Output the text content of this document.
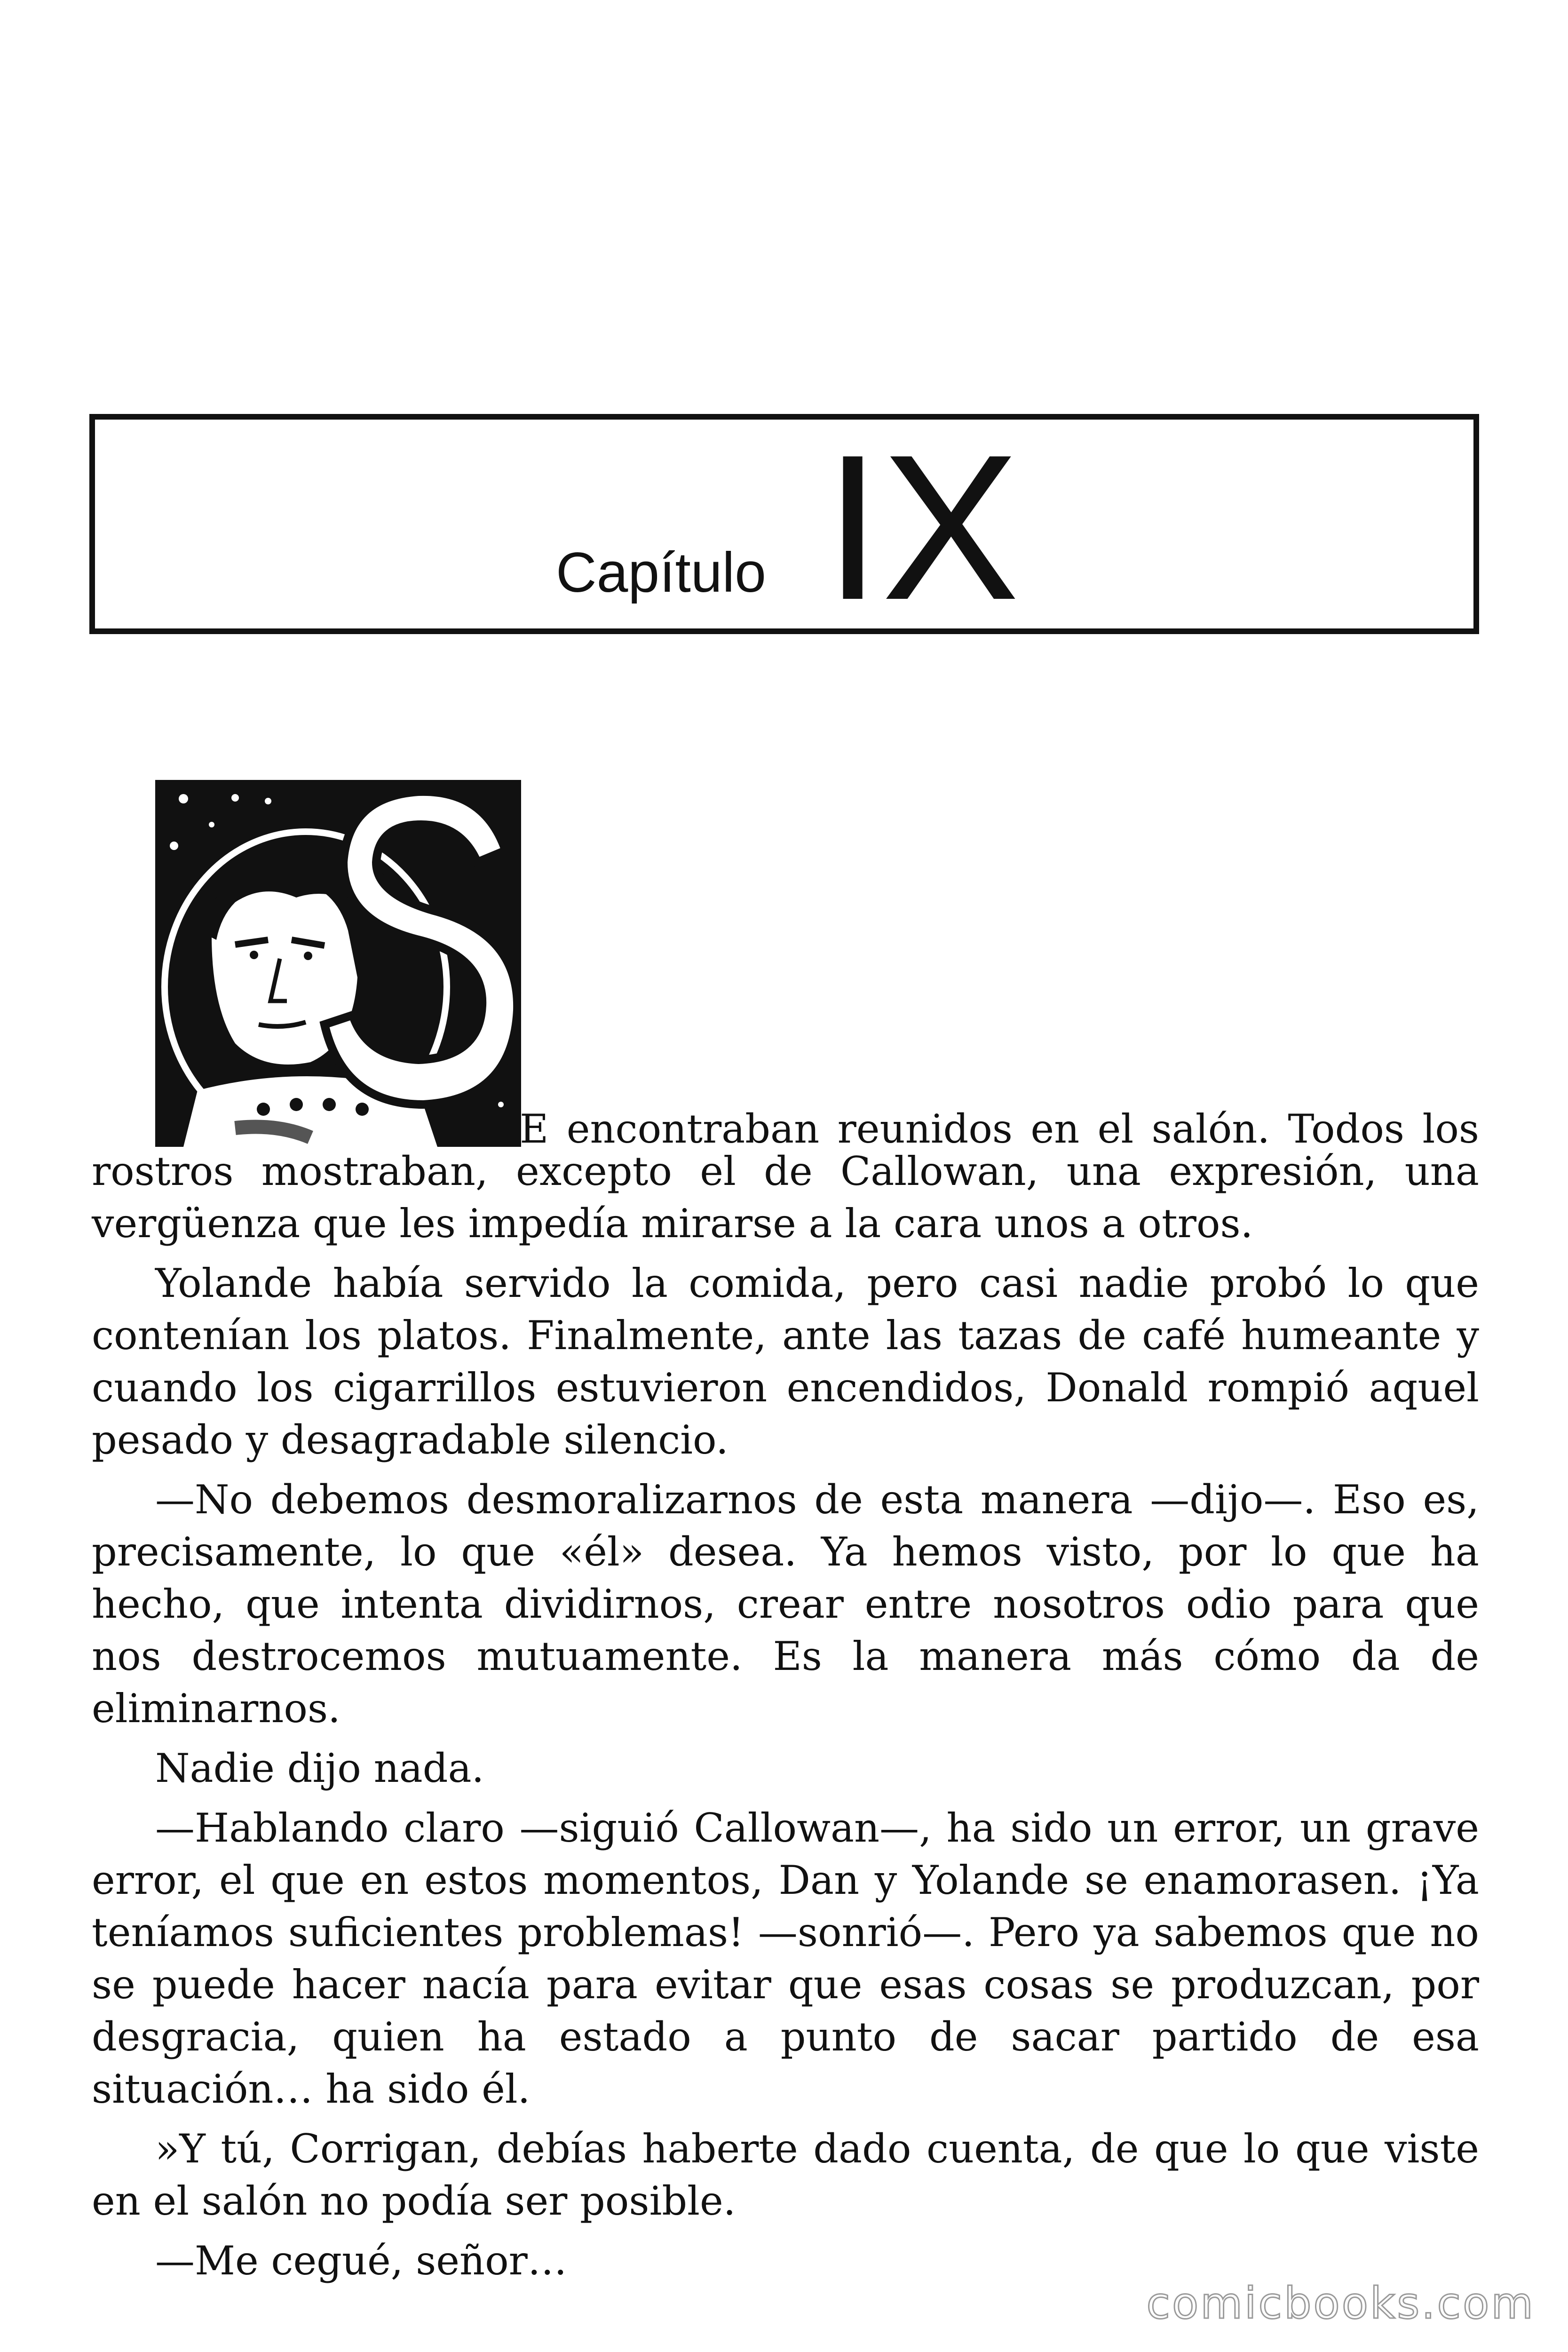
Capítulo IX

E encontraban reunidos en el salón. Todos los
rostros mostraban, excepto el de Callowan, una expresión, una vergüenza que les impedía mirarse a la cara unos a otros.

Yolande había servido la comida, pero casi nadie probó lo que contenían los platos. Finalmente, ante las tazas de café humeante y cuando los cigarrillos estuvieron encendidos, Donald rompió aquel pesado y desagradable silencio.

—No debemos desmoralizarnos de esta manera —dijo—. Eso es, precisamente, lo que «él» desea. Ya hemos visto, por lo que ha hecho, que intenta dividirnos, crear entre nosotros odio para que nos destrocemos mutuamente. Es la manera más cómo da de eliminarnos.

Nadie dijo nada.

—Hablando claro —siguió Callowan—, ha sido un error, un grave error, el que en estos momentos, Dan y Yolande se enamorasen. ¡Ya teníamos suficientes problemas! —sonrió—. Pero ya sabemos que no se puede hacer nacía para evitar que esas cosas se produzcan, por desgracia, quien ha estado a punto de sacar partido de esa situación… ha sido él.

»Y tú, Corrigan, debías haberte dado cuenta, de que lo que viste en el salón no podía ser posible.

—Me cegué, señor…

comicbooks.com
